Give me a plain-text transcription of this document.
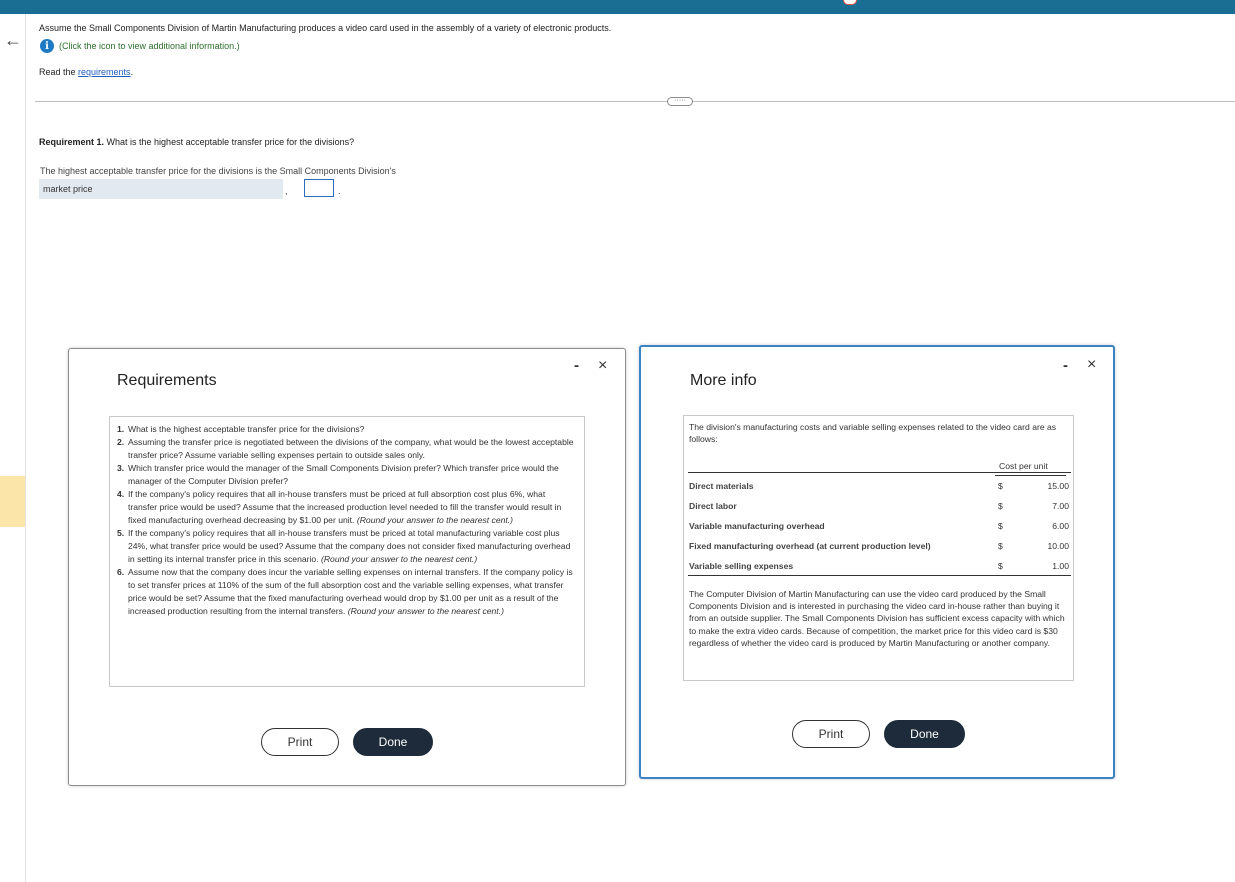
←
Assume the Small Components Division of Martin Manufacturing produces a video card used in the assembly of a variety of electronic products.
i	(Click the icon to view additional information.)
Read the requirements.
·····
Requirement 1. What is the highest acceptable transfer price for the divisions?
The highest acceptable transfer price for the divisions is the Small Components Division's
market price	,	.
Requirements
- ×
1. What is the highest acceptable transfer price for the divisions?
2. Assuming the transfer price is negotiated between the divisions of the company, what would be the lowest acceptable transfer price? Assume variable selling expenses pertain to outside sales only.
3. Which transfer price would the manager of the Small Components Division prefer? Which transfer price would the manager of the Computer Division prefer?
4. If the company's policy requires that all in-house transfers must be priced at full absorption cost plus 6%, what transfer price would be used? Assume that the increased production level needed to fill the transfer would result in fixed manufacturing overhead decreasing by $1.00 per unit. (Round your answer to the nearest cent.)
5. If the company's policy requires that all in-house transfers must be priced at total manufacturing variable cost plus 24%, what transfer price would be used? Assume that the company does not consider fixed manufacturing overhead in setting its internal transfer price in this scenario. (Round your answer to the nearest cent.)
6. Assume now that the company does incur the variable selling expenses on internal transfers. If the company policy is to set transfer prices at 110% of the sum of the full absorption cost and the variable selling expenses, what transfer price would be set? Assume that the fixed manufacturing overhead would drop by $1.00 per unit as a result of the increased production resulting from the internal transfers. (Round your answer to the nearest cent.)
Print	Done
More info
- ×
The division's manufacturing costs and variable selling expenses related to the video card are as follows:
Cost per unit
Direct materials	$	15.00
Direct labor	$	7.00
Variable manufacturing overhead	$	6.00
Fixed manufacturing overhead (at current production level)	$	10.00
Variable selling expenses	$	1.00
The Computer Division of Martin Manufacturing can use the video card produced by the Small Components Division and is interested in purchasing the video card in-house rather than buying it from an outside supplier. The Small Components Division has sufficient excess capacity with which to make the extra video cards. Because of competition, the market price for this video card is $30 regardless of whether the video card is produced by Martin Manufacturing or another company.
Print	Done
